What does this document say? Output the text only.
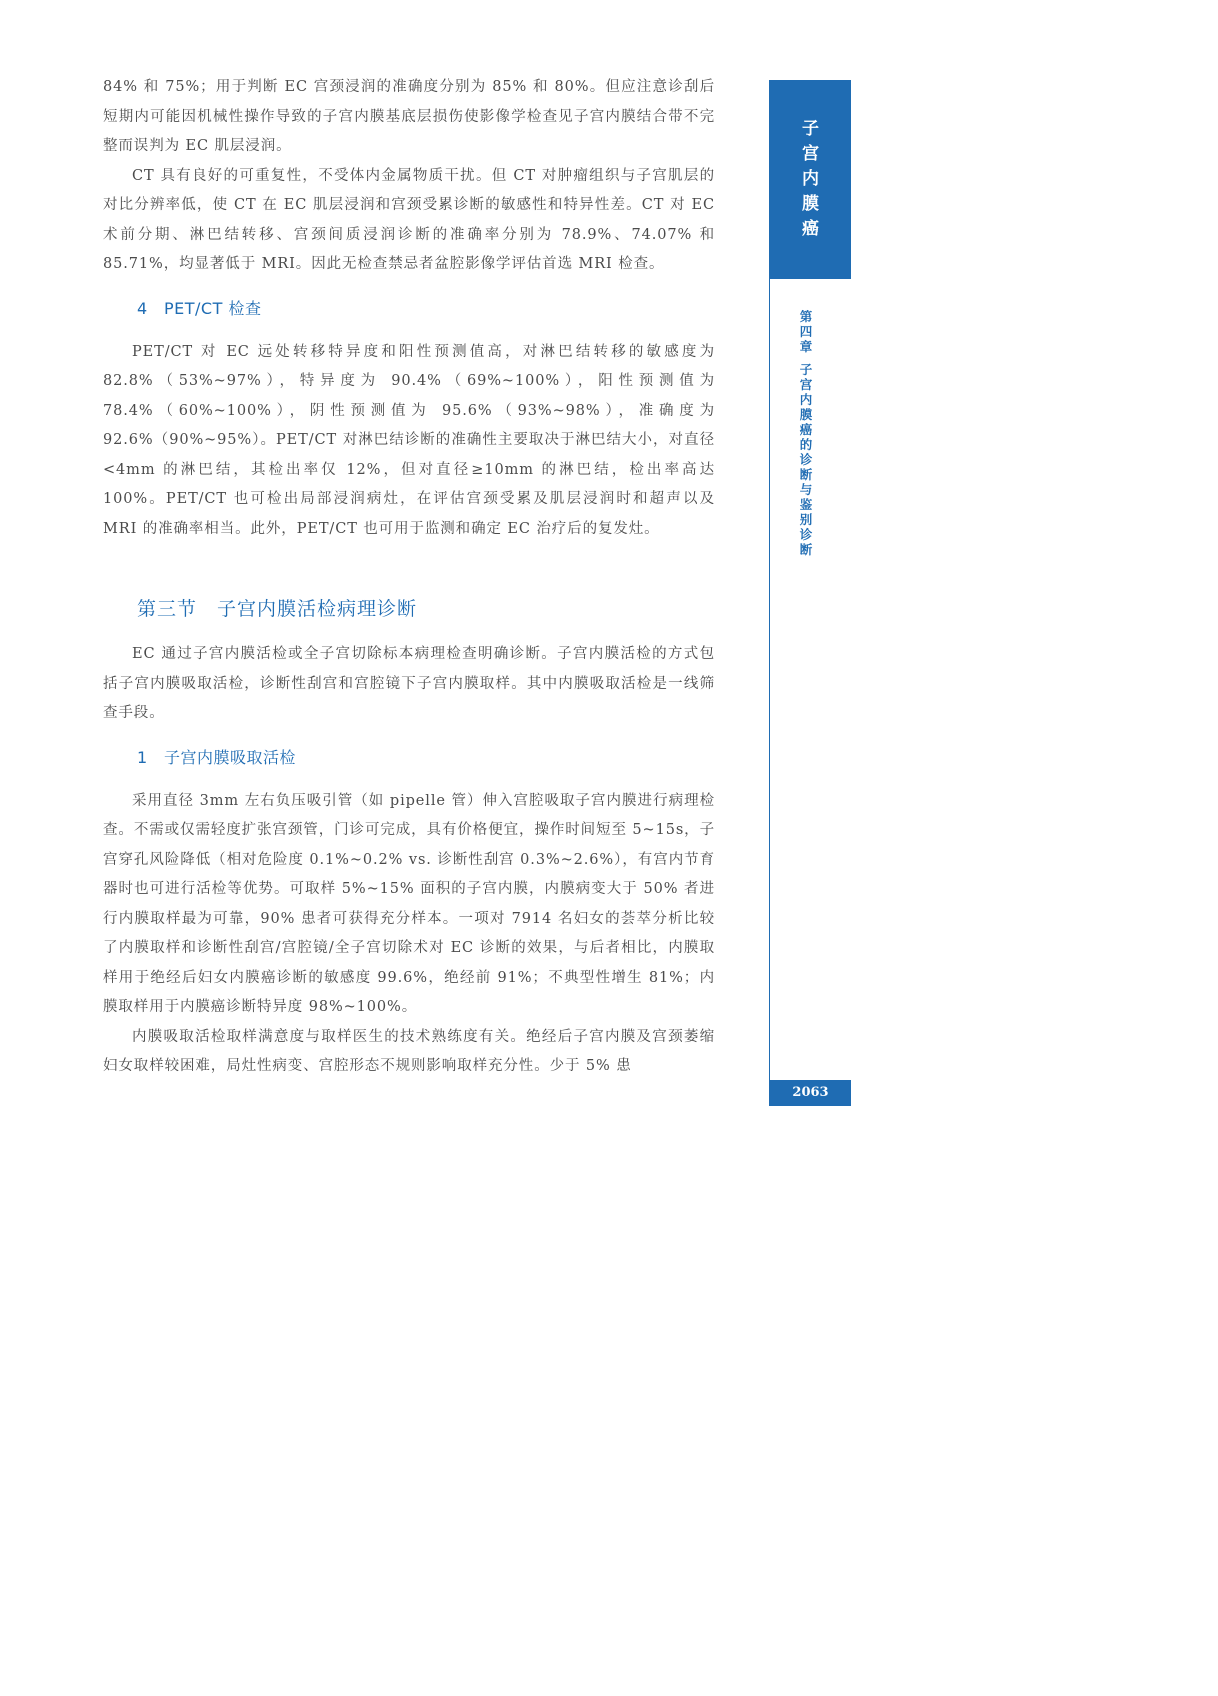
84% 和 75%；用于判断 EC 宫颈浸润的准确度分别为 85% 和 80%。但应注意诊刮后短期内可能因机械性操作导致的子宫内膜基底层损伤使影像学检查见子宫内膜结合带不完整而误判为 EC 肌层浸润。

CT 具有良好的可重复性，不受体内金属物质干扰。但 CT 对肿瘤组织与子宫肌层的对比分辨率低，使 CT 在 EC 肌层浸润和宫颈受累诊断的敏感性和特异性差。CT 对 EC 术前分期、淋巴结转移、宫颈间质浸润诊断的准确率分别为 78.9%、74.07% 和 85.71%，均显著低于 MRI。因此无检查禁忌者盆腔影像学评估首选 MRI 检查。

4 PET/CT 检查

PET/CT 对 EC 远处转移特异度和阳性预测值高，对淋巴结转移的敏感度为 82.8%（53%~97%），特异度为 90.4%（69%~100%），阳性预测值为 78.4%（60%~100%），阴性预测值为 95.6%（93%~98%），准确度为 92.6%（90%~95%）。PET/CT 对淋巴结诊断的准确性主要取决于淋巴结大小，对直径<4mm 的淋巴结，其检出率仅 12%，但对直径≥10mm 的淋巴结，检出率高达 100%。PET/CT 也可检出局部浸润病灶，在评估宫颈受累及肌层浸润时和超声以及 MRI 的准确率相当。此外，PET/CT 也可用于监测和确定 EC 治疗后的复发灶。

第三节 子宫内膜活检病理诊断

EC 通过子宫内膜活检或全子宫切除标本病理检查明确诊断。子宫内膜活检的方式包括子宫内膜吸取活检，诊断性刮宫和宫腔镜下子宫内膜取样。其中内膜吸取活检是一线筛查手段。

1 子宫内膜吸取活检

采用直径 3mm 左右负压吸引管（如 pipelle 管）伸入宫腔吸取子宫内膜进行病理检查。不需或仅需轻度扩张宫颈管，门诊可完成，具有价格便宜，操作时间短至 5~15s，子宫穿孔风险降低（相对危险度 0.1%~0.2% vs. 诊断性刮宫 0.3%~2.6%），有宫内节育器时也可进行活检等优势。可取样 5%~15% 面积的子宫内膜，内膜病变大于 50% 者进行内膜取样最为可靠，90% 患者可获得充分样本。一项对 7914 名妇女的荟萃分析比较了内膜取样和诊断性刮宫/宫腔镜/全子宫切除术对 EC 诊断的效果，与后者相比，内膜取样用于绝经后妇女内膜癌诊断的敏感度 99.6%，绝经前 91%；不典型性增生 81%；内膜取样用于内膜癌诊断特异度 98%~100%。

内膜吸取活检取样满意度与取样医生的技术熟练度有关。绝经后子宫内膜及宫颈萎缩妇女取样较困难，局灶性病变、宫腔形态不规则影响取样充分性。少于 5% 患

子
宫
内
膜
癌
第
四
章
子
宫
内
膜
癌
的
诊
断
与
鉴
别
诊
断
2063
